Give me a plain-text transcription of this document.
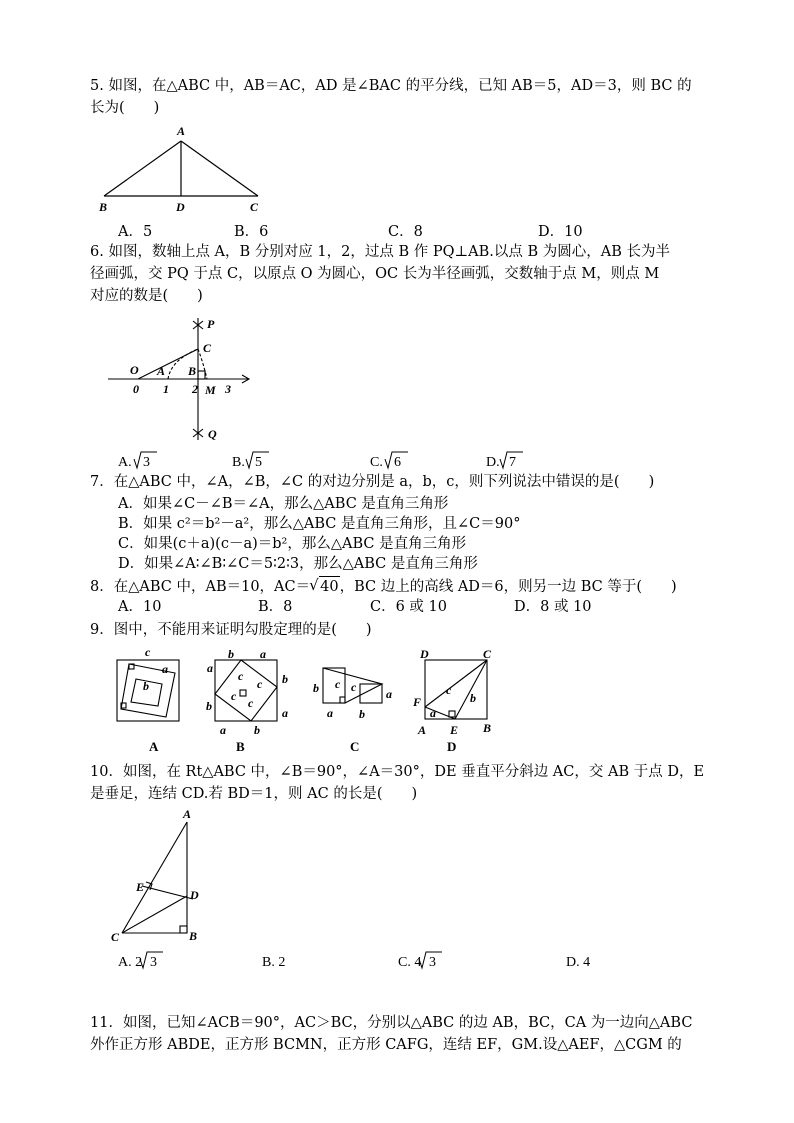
5. 如图，在△ABC 中，AB＝AC，AD 是∠BAC 的平分线，已知 AB＝5，AD＝3，则 BC 的
长为(　　)
A
B	D	C
A．5	B．6	C．8	D．10
6. 如图，数轴上点 A，B 分别对应 1，2，过点 B 作 PQ⊥AB.以点 B 为圆心，AB 长为半
径画弧，交 PQ 于点 C，以原点 O 为圆心，OC 长为半径画弧，交数轴于点 M，则点 M
对应的数是(　　)
P
C
O A B
M
Q
0 1 2 3
A. 3	B. 5	C. 6	D. 7
7．在△ABC 中，∠A，∠B，∠C 的对边分别是 a，b，c，则下列说法中错误的是(　　)
A．如果∠C－∠B＝∠A，那么△ABC 是直角三角形
B．如果 c²＝b²－a²，那么△ABC 是直角三角形，且∠C＝90°
C．如果(c＋a)(c－a)＝b²，那么△ABC 是直角三角形
D．如果∠A∶∠B∶∠C＝5∶2∶3，那么△ABC 是直角三角形
8．在△ABC 中，AB＝10，AC＝ √ 40，BC 边上的高线 AD＝6，则另一边 BC 等于(　　)
A．10	B．8	C．6 或 10	D．8 或 10
9．图中，不能用来证明勾股定理的是(　　)
c
a
b
b a
a
b
b
a
a b
c
c
c c
b c c a
a b
D	C
F
c
b
a
A E B
A	B	C	D
10．如图，在 Rt△ABC 中，∠B＝90°，∠A＝30°，DE 垂直平分斜边 AC，交 AB 于点 D，E
是垂足，连结 CD.若 BD＝1，则 AC 的长是(　　)
A
E
D
C	B
A. 2 3	B. 2	C. 4 3	D. 4
11．如图，已知∠ACB＝90°，AC＞BC，分别以△ABC 的边 AB，BC，CA 为一边向△ABC
外作正方形 ABDE，正方形 BCMN，正方形 CAFG，连结 EF，GM.设△AEF，△CGM 的
